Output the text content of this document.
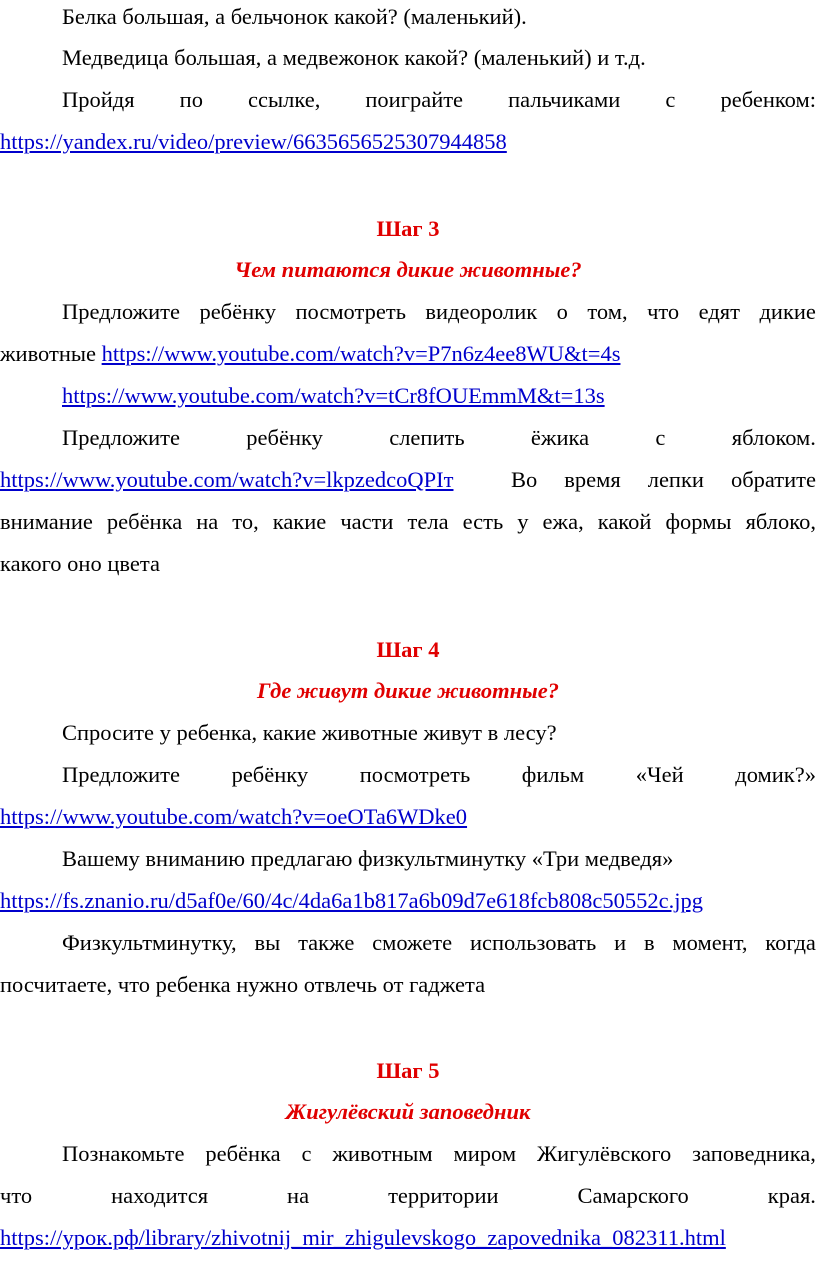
Белка большая, а бельчонок какой? (маленький).
Медведица большая, а медвежонок какой? (маленький) и т.д.
Пройдя по ссылке, поиграйте пальчиками с ребенком:
https://yandex.ru/video/preview/6635656525307944858
Шаг 3
Чем питаются дикие животные?
Предложите ребёнку посмотреть видеоролик о том, что едят дикие
животные https://www.youtube.com/watch?v=P7n6z4ee8WU&t=4s
https://www.youtube.com/watch?v=tCr8fOUEmmM&t=13s
Предложите	ребёнку	слепить	ёжика	с	яблоком.
https://www.youtube.com/watch?v=lkpzedcoQPIт	Во время лепки обратите
внимание ребёнка на то, какие части тела есть у ежа, какой формы яблоко,
какого оно цвета
Шаг 4
Где живут дикие животные?
Спросите у ребенка, какие животные живут в лесу?
Предложите ребёнку посмотреть фильм «Чей домик?»
https://www.youtube.com/watch?v=oeOTa6WDke0
Вашему вниманию предлагаю физкультминутку «Три медведя»
https://fs.znanio.ru/d5af0e/60/4c/4da6a1b817a6b09d7e618fcb808c50552c.jpg
Физкультминутку, вы также сможете использовать и в момент, когда
посчитаете, что ребенка нужно отвлечь от гаджета
Шаг 5
Жигулёвский заповедник
Познакомьте ребёнка с животным миром Жигулёвского заповедника,
что	находится	на	территории	Самарского	края.
https://урок.рф/library/zhivotnij_mir_zhigulevskogo_zapovednika_082311.html
